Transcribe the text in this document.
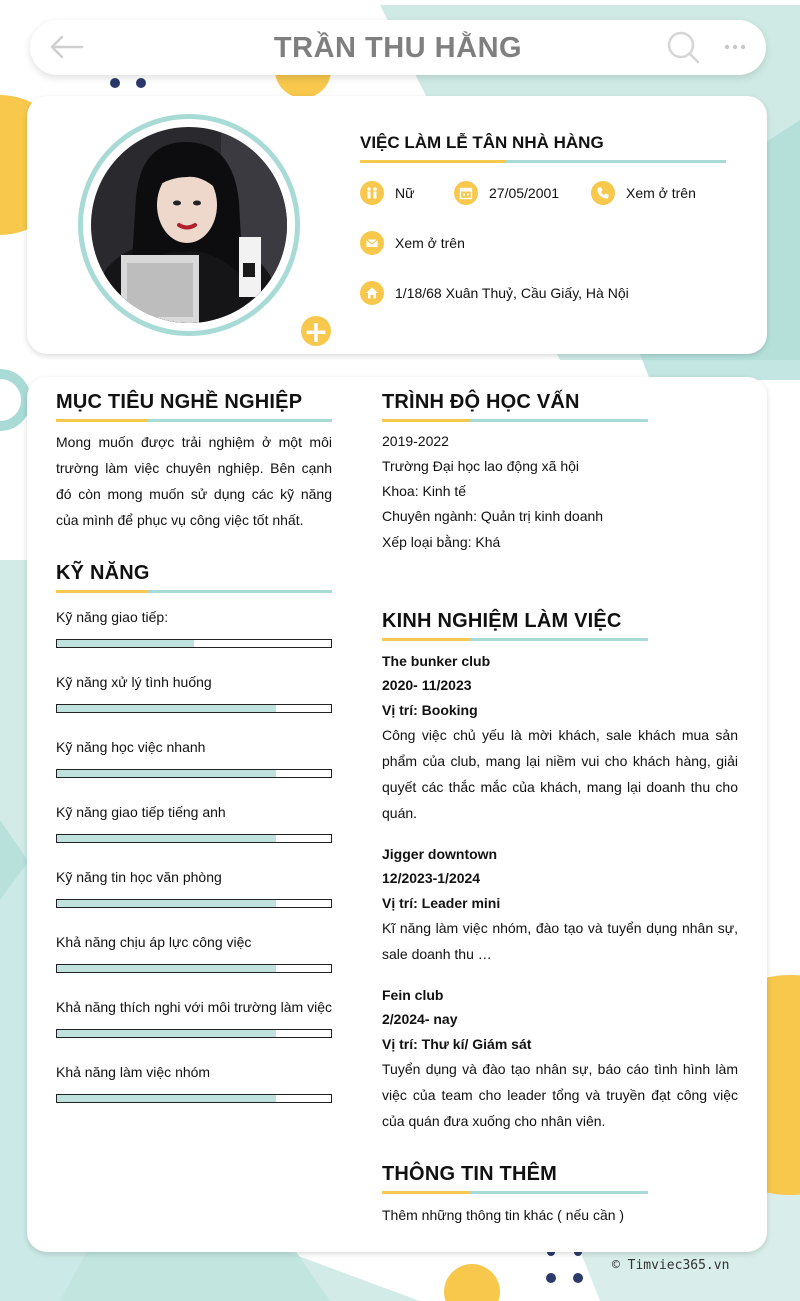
TRẦN THU HẰNG
+
VIỆC LÀM LỄ TÂN NHÀ HÀNG
Nữ	27/05/2001	Xem ở trên
Xem ở trên
1/18/68 Xuân Thuỷ, Cầu Giấy, Hà Nội
MỤC TIÊU NGHỀ NGHIỆP
Mong muốn được trải nghiệm ở một môi trường làm việc chuyên nghiệp. Bên cạnh đó còn mong muốn sử dụng các kỹ năng của mình để phục vụ công việc tốt nhất.
KỸ NĂNG
Kỹ năng giao tiếp:
Kỹ năng xử lý tình huống
Kỹ năng học việc nhanh
Kỹ năng giao tiếp tiếng anh
Kỹ năng tin học văn phòng
Khả năng chịu áp lực công việc
Khả năng thích nghi với môi trường làm việc
Khả năng làm việc nhóm
TRÌNH ĐỘ HỌC VẤN
2019-2022
Trường Đại học lao động xã hội
Khoa: Kinh tế
Chuyên ngành: Quản trị kinh doanh
Xếp loại bằng: Khá
KINH NGHIỆM LÀM VIỆC
The bunker club
2020- 11/2023
Vị trí: Booking
Công việc chủ yếu là mời khách, sale khách mua sản phẩm của club, mang lại niềm vui cho khách hàng, giải quyết các thắc mắc của khách, mang lại doanh thu cho quán.
Jigger downtown
12/2023-1/2024
Vị trí: Leader mini
Kĩ năng làm việc nhóm, đào tạo và tuyển dụng nhân sự, sale doanh thu …
Fein club
2/2024- nay
Vị trí: Thư kí/ Giám sát
Tuyển dụng và đào tạo nhân sự, báo cáo tình hình làm việc của team cho leader tổng và truyền đạt công việc của quán đưa xuống cho nhân viên.
THÔNG TIN THÊM
Thêm những thông tin khác ( nếu cần )
© Timviec365.vn
